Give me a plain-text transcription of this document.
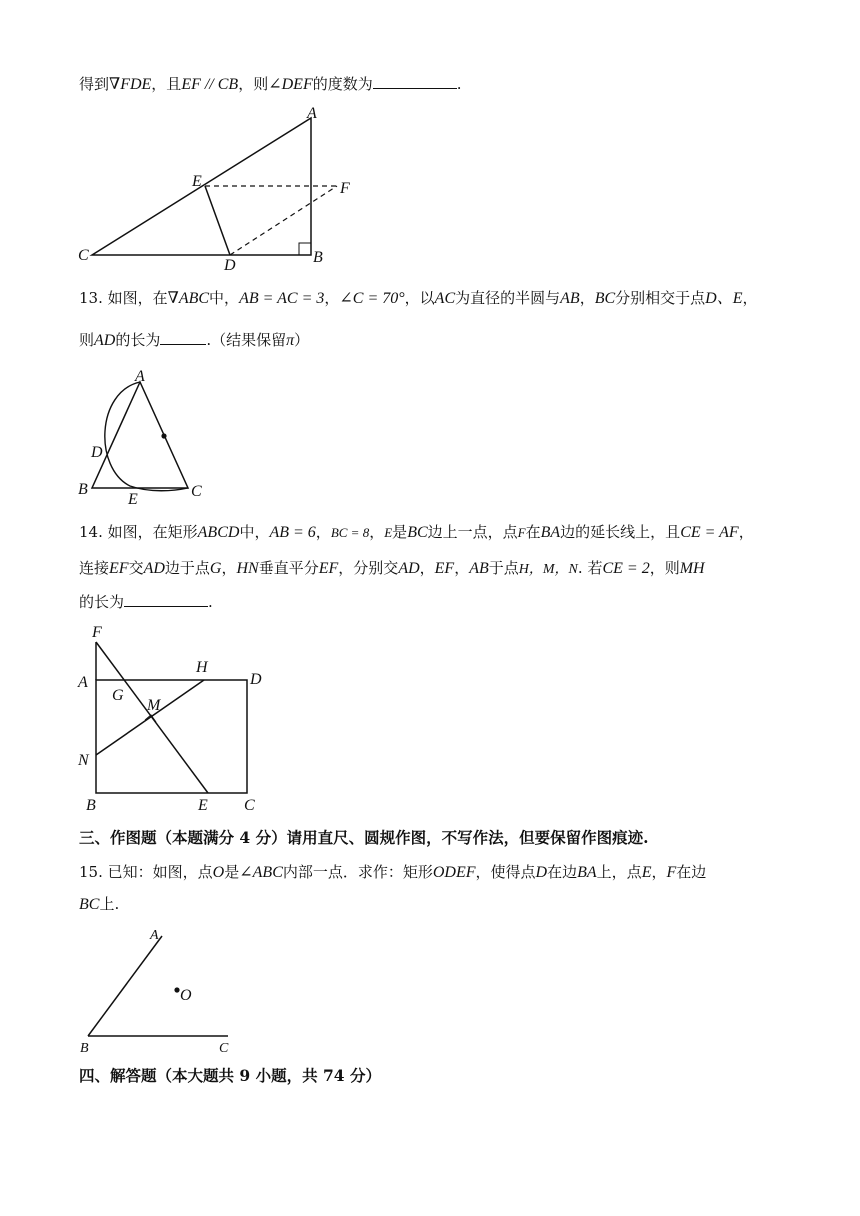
得到∇FDE，且EF // CB，则∠DEF的度数为	.
A
B
C
D
E	F
13. 如图，在∇ABC中，AB = AC = 3，∠C = 70°，以AC为直径的半圆与AB，BC分别相交于点D、E，
则AD的长为	.（结果保留π）
A
B	C
D
E
14. 如图，在矩形ABCD中，AB = 6，BC = 8，E是BC边上一点，点F在BA边的延长线上，且CE = AF，
连接EF交AD边于点G，HN垂直平分EF，分别交AD，EF，AB于点H，M，N. 若CE = 2，则MH
的长为	.
F
A
H
D
G
M
N
B	E C
三、作图题（本题满分 4 分）请用直尺、圆规作图，不写作法，但要保留作图痕迹.
15. 已知：如图，点O是∠ABC内部一点．求作：矩形ODEF，使得点D在边BA上，点E，F在边
BC上.
A
O
B	C
四、解答题（本大题共 9 小题，共 74 分）
